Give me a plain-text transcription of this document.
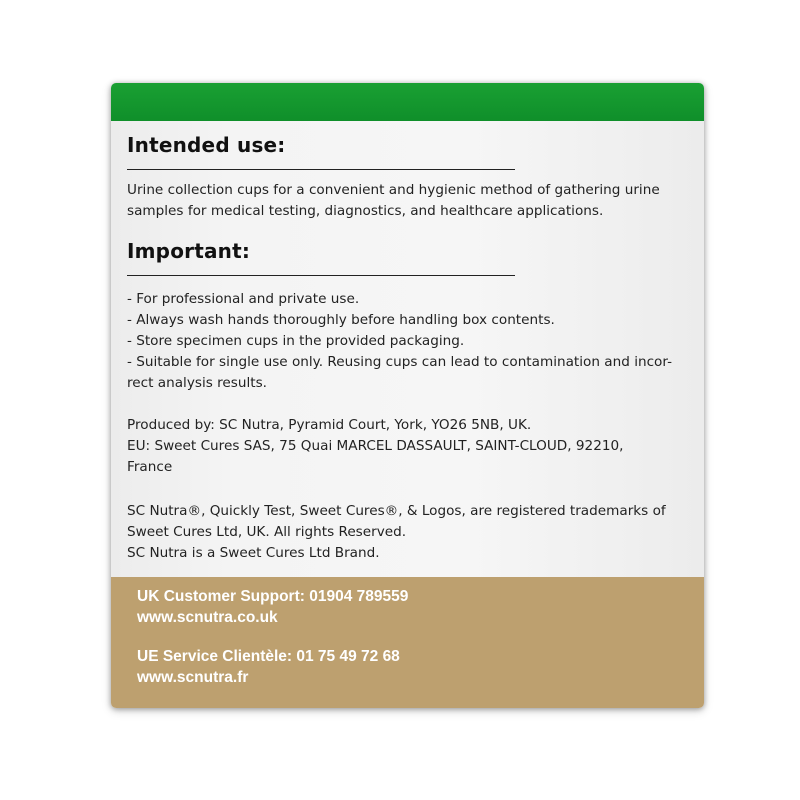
Intended use:

Urine collection cups for a convenient and hygienic method of gathering urine
samples for medical testing, diagnostics, and healthcare applications.

Important:

- For professional and private use.
- Always wash hands thoroughly before handling box contents.
- Store specimen cups in the provided packaging.
- Suitable for single use only. Reusing cups can lead to contamination and incor-
rect analysis results.

Produced by: SC Nutra, Pyramid Court, York, YO26 5NB, UK.
EU: Sweet Cures SAS, 75 Quai MARCEL DASSAULT, SAINT-CLOUD, 92210,
France

SC Nutra®, Quickly Test, Sweet Cures®, & Logos, are registered trademarks of
Sweet Cures Ltd, UK. All rights Reserved.
SC Nutra is a Sweet Cures Ltd Brand.

UK Customer Support: 01904 789559
www.scnutra.co.uk
UE Service Clientèle: 01 75 49 72 68
www.scnutra.fr
